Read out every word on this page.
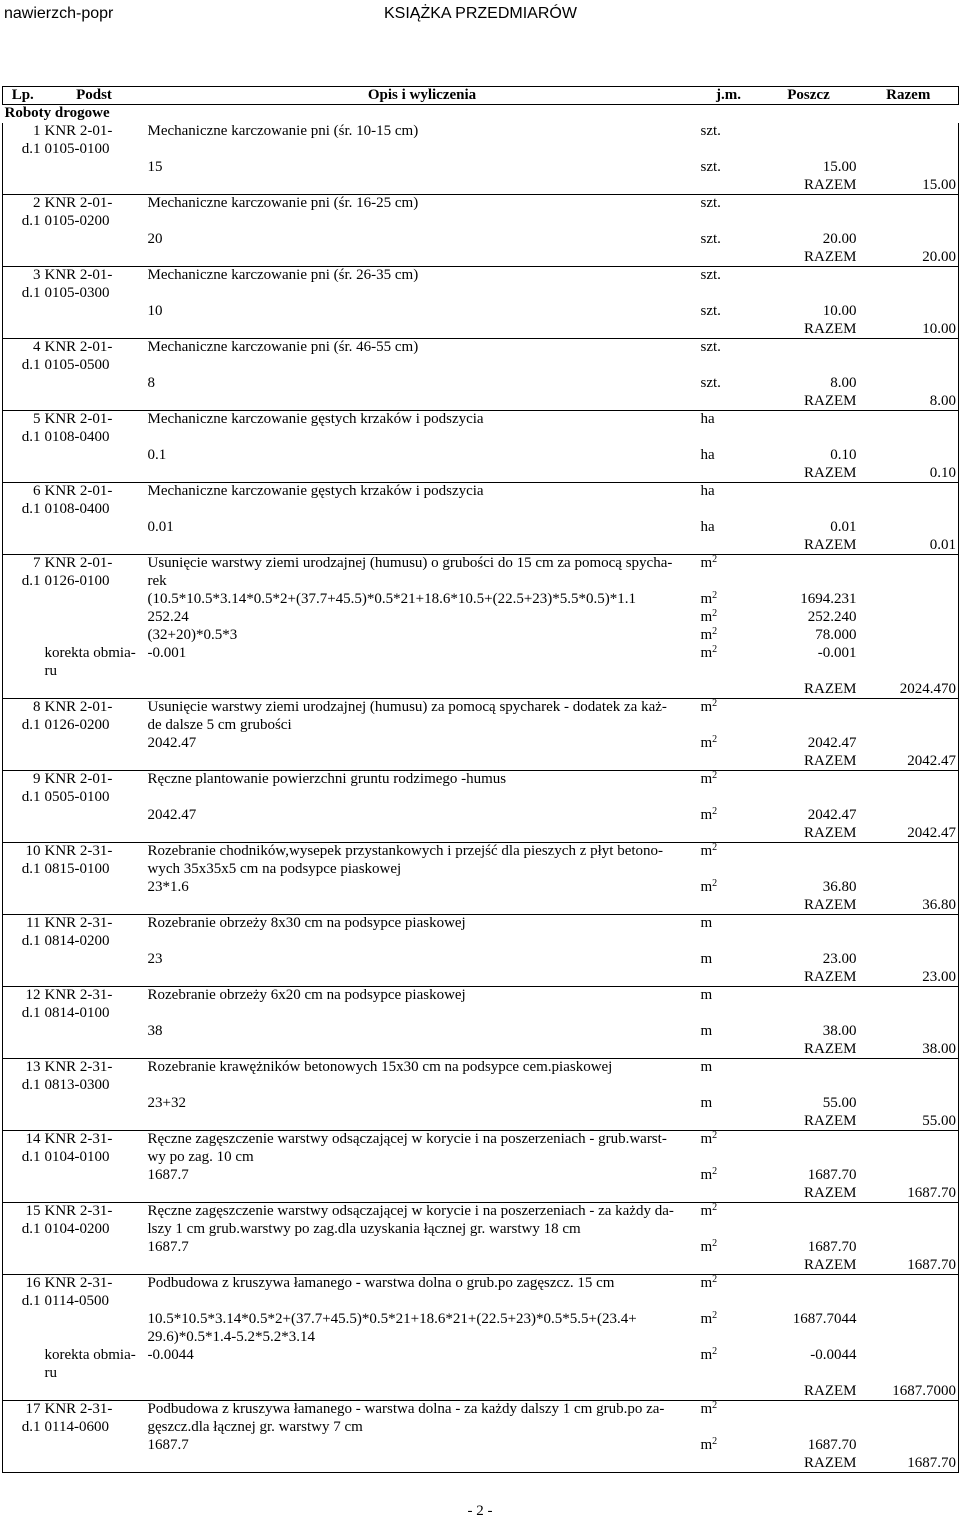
nawierzch-popr	KSIĄŻKA PRZEDMIARÓW
Lp.	Podst	Opis i wyliczenia	j.m.	Poszcz	Razem
Roboty drogowe					
1	KNR 2-01-	Mechaniczne karczowanie pni (śr. 10-15 cm)	szt.		
d.1	0105-0100				
		15	szt.	15.00	
				RAZEM	15.00
2	KNR 2-01-	Mechaniczne karczowanie pni (śr. 16-25 cm)	szt.		
d.1	0105-0200				
		20	szt.	20.00	
				RAZEM	20.00
3	KNR 2-01-	Mechaniczne karczowanie pni (śr. 26-35 cm)	szt.		
d.1	0105-0300				
		10	szt.	10.00	
				RAZEM	10.00
4	KNR 2-01-	Mechaniczne karczowanie pni (śr. 46-55 cm)	szt.		
d.1	0105-0500				
		8	szt.	8.00	
				RAZEM	8.00
5	KNR 2-01-	Mechaniczne karczowanie gęstych krzaków i podszycia	ha		
d.1	0108-0400				
		0.1	ha	0.10	
				RAZEM	0.10
6	KNR 2-01-	Mechaniczne karczowanie gęstych krzaków i podszycia	ha		
d.1	0108-0400				
		0.01	ha	0.01	
				RAZEM	0.01
7	KNR 2-01-	Usunięcie warstwy ziemi urodzajnej (humusu) o grubości do 15 cm za pomocą spycha-	$m^2$		
d.1	0126-0100	rek			
		(10.5*10.5*3.14*0.5*2+(37.7+45.5)*0.5*21+18.6*10.5+(22.5+23)*5.5*0.5)*1.1	$m^2$	1694.231	
		252.24	$m^2$	252.240	
		(32+20)*0.5*3	$m^2$	78.000	
	korekta obmia-	-0.001	$m^2$	-0.001	
	ru				
				RAZEM	2024.470
8	KNR 2-01-	Usunięcie warstwy ziemi urodzajnej (humusu) za pomocą spycharek - dodatek za każ-	$m^2$		
d.1	0126-0200	de dalsze 5 cm grubości			
		2042.47	$m^2$	2042.47	
				RAZEM	2042.47
9	KNR 2-01-	Ręczne plantowanie powierzchni gruntu rodzimego -humus	$m^2$		
d.1	0505-0100				
		2042.47	$m^2$	2042.47	
				RAZEM	2042.47
10	KNR 2-31-	Rozebranie chodników,wysepek przystankowych i przejść dla pieszych z płyt betono-	$m^2$		
d.1	0815-0100	wych 35x35x5 cm na podsypce piaskowej			
		23*1.6	$m^2$	36.80	
				RAZEM	36.80
11	KNR 2-31-	Rozebranie obrzeży 8x30 cm na podsypce piaskowej	m		
d.1	0814-0200				
		23	m	23.00	
				RAZEM	23.00
12	KNR 2-31-	Rozebranie obrzeży 6x20 cm na podsypce piaskowej	m		
d.1	0814-0100				
		38	m	38.00	
				RAZEM	38.00
13	KNR 2-31-	Rozebranie krawężników betonowych 15x30 cm na podsypce cem.piaskowej	m		
d.1	0813-0300				
		23+32	m	55.00	
				RAZEM	55.00
14	KNR 2-31-	Ręczne zagęszczenie warstwy odsączającej w korycie i na poszerzeniach - grub.warst-	$m^2$		
d.1	0104-0100	wy po zag. 10 cm			
		1687.7	$m^2$	1687.70	
				RAZEM	1687.70
15	KNR 2-31-	Ręczne zagęszczenie warstwy odsączającej w korycie i na poszerzeniach - za każdy da-	$m^2$		
d.1	0104-0200	lszy 1 cm grub.warstwy po zag.dla uzyskania łącznej gr. warstwy 18 cm			
		1687.7	$m^2$	1687.70	
				RAZEM	1687.70
16	KNR 2-31-	Podbudowa z kruszywa łamanego - warstwa dolna o grub.po zagęszcz. 15 cm	$m^2$		
d.1	0114-0500				
		10.5*10.5*3.14*0.5*2+(37.7+45.5)*0.5*21+18.6*21+(22.5+23)*0.5*5.5+(23.4+	$m^2$	1687.7044	
		29.6)*0.5*1.4-5.2*5.2*3.14			
	korekta obmia-	-0.0044	$m^2$	-0.0044	
	ru				
				RAZEM	1687.7000
17	KNR 2-31-	Podbudowa z kruszywa łamanego - warstwa dolna - za każdy dalszy 1 cm grub.po za-	$m^2$		
d.1	0114-0600	gęszcz.dla łącznej gr. warstwy 7 cm			
		1687.7	$m^2$	1687.70	
				RAZEM	1687.70
- 2 -
